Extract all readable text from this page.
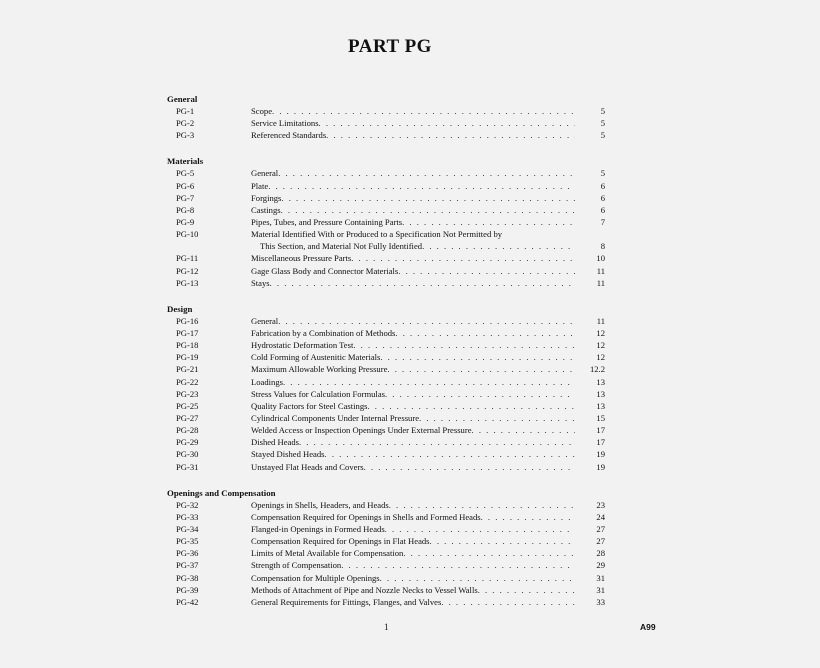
PART PG
General
PG-1	Scope . . .	5
PG-2	Service Limitations . . .	5
PG-3	Referenced Standards . . .	5
Materials
PG-5	General . . .	5
PG-6	Plate . . .	6
PG-7	Forgings . . .	6
PG-8	Castings . . .	6
PG-9	Pipes, Tubes, and Pressure Containing Parts . . .	7
PG-10	Material Identified With or Produced to a Specification Not Permitted by
This Section, and Material Not Fully Identified . . .	8
PG-11	Miscellaneous Pressure Parts . . .	10
PG-12	Gage Glass Body and Connector Materials . . .	11
PG-13	Stays . . .	11
Design
PG-16	General . . .	11
PG-17	Fabrication by a Combination of Methods . . .	12
PG-18	Hydrostatic Deformation Test . . .	12
PG-19	Cold Forming of Austenitic Materials . . .	12
PG-21	Maximum Allowable Working Pressure . . .	12.2
PG-22	Loadings . . .	13
PG-23	Stress Values for Calculation Formulas . . .	13
PG-25	Quality Factors for Steel Castings . . .	13
PG-27	Cylindrical Components Under Internal Pressure . . .	15
PG-28	Welded Access or Inspection Openings Under External Pressure . . .	17
PG-29	Dished Heads . . .	17
PG-30	Stayed Dished Heads . . .	19
PG-31	Unstayed Flat Heads and Covers . . .	19
Openings and Compensation
PG-32	Openings in Shells, Headers, and Heads . . .	23
PG-33	Compensation Required for Openings in Shells and Formed Heads . . .	24
PG-34	Flanged-in Openings in Formed Heads . . .	27
PG-35	Compensation Required for Openings in Flat Heads . . .	27
PG-36	Limits of Metal Available for Compensation . . .	28
PG-37	Strength of Compensation . . .	29
PG-38	Compensation for Multiple Openings . . .	31
PG-39	Methods of Attachment of Pipe and Nozzle Necks to Vessel Walls . . .	31
PG-42	General Requirements for Fittings, Flanges, and Valves . . .	33
1	A99
